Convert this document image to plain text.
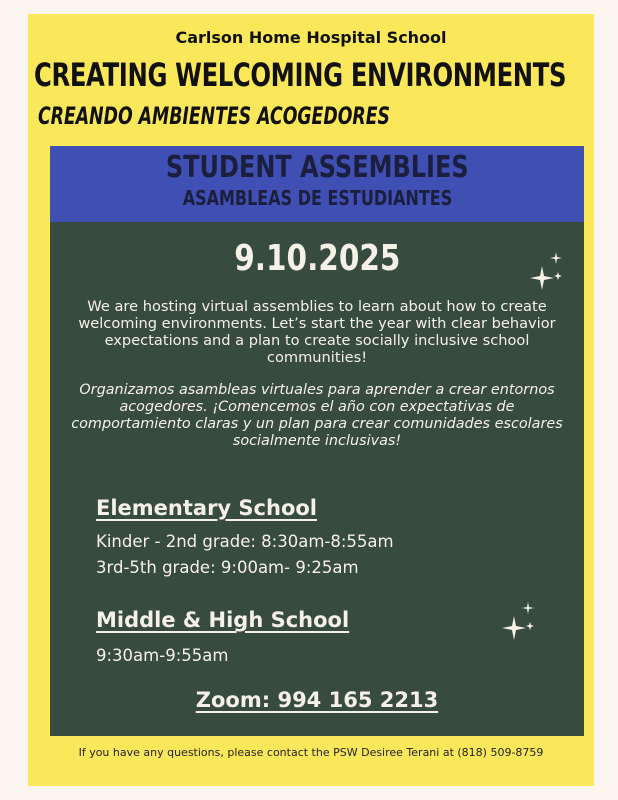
Carlson Home Hospital School
CREATING WELCOMING ENVIRONMENTS
CREANDO AMBIENTES ACOGEDORES
STUDENT ASSEMBLIES
ASAMBLEAS DE ESTUDIANTES
9.10.2025
We are hosting virtual assemblies to learn about how to create welcoming environments. Let’s start the year with clear behavior expectations and a plan to create socially inclusive school communities!
Organizamos asambleas virtuales para aprender a crear entornos acogedores. ¡Comencemos el año con expectativas de comportamiento claras y un plan para crear comunidades escolares socialmente inclusivas!
Elementary School
Kinder - 2nd grade: 8:30am-8:55am
3rd-5th grade: 9:00am- 9:25am
Middle & High School
9:30am-9:55am
Zoom: 994 165 2213
If you have any questions, please contact the PSW Desiree Terani at (818) 509-8759
